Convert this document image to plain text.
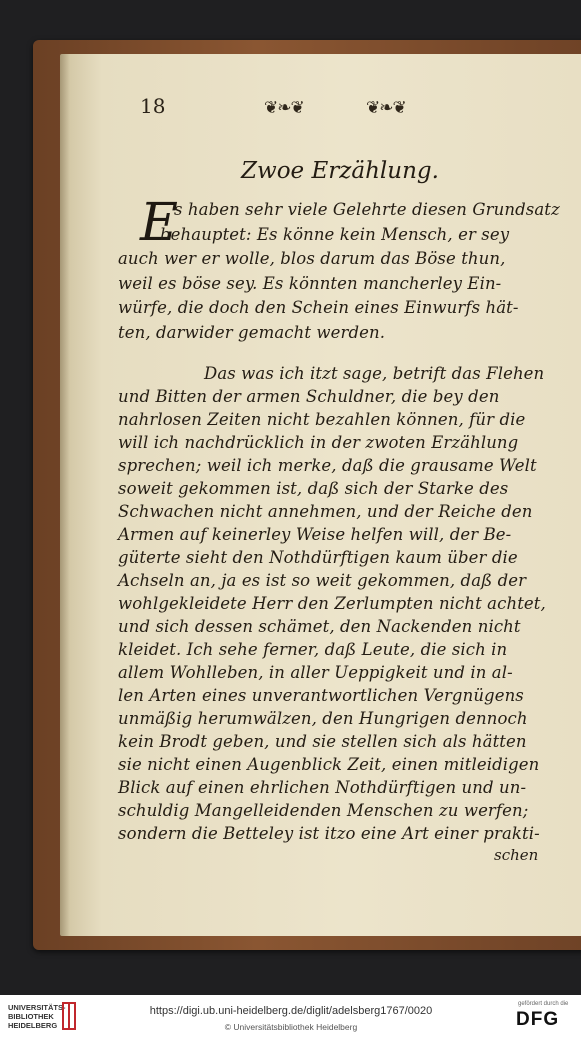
18	❦❧❦	❦❧❦
Zwoe Erzählung.
E
s haben sehr viele Gelehrte diesen Grundsatz
behauptet: Es könne kein Mensch, er sey
auch wer er wolle, blos darum das Böse thun,
weil es böse sey. Es könnten mancherley Ein-
würfe, die doch den Schein eines Einwurfs hät-
ten, darwider gemacht werden.
Das was ich itzt sage, betrift das Flehen
und Bitten der armen Schuldner, die bey den
nahrlosen Zeiten nicht bezahlen können, für die
will ich nachdrücklich in der zwoten Erzählung
sprechen; weil ich merke, daß die grausame Welt
soweit gekommen ist, daß sich der Starke des
Schwachen nicht annehmen, und der Reiche den
Armen auf keinerley Weise helfen will, der Be-
güterte sieht den Nothdürftigen kaum über die
Achseln an, ja es ist so weit gekommen, daß der
wohlgekleidete Herr den Zerlumpten nicht achtet,
und sich dessen schämet, den Nackenden nicht
kleidet. Ich sehe ferner, daß Leute, die sich in
allem Wohlleben, in aller Ueppigkeit und in al-
len Arten eines unverantwortlichen Vergnügens
unmäßig herumwälzen, den Hungrigen dennoch
kein Brodt geben, und sie stellen sich als hätten
sie nicht einen Augenblick Zeit, einen mitleidigen
Blick auf einen ehrlichen Nothdürftigen und un-
schuldig Mangelleidenden Menschen zu werfen;
sondern die Betteley ist itzo eine Art einer prakti-
schen
UNIVERSITÄTS-
BIBLIOTHEK
HEIDELBERG
https://digi.ub.uni-heidelberg.de/diglit/adelsberg1767/0020
© Universitätsbibliothek Heidelberg
gefördert durch die
DFG
